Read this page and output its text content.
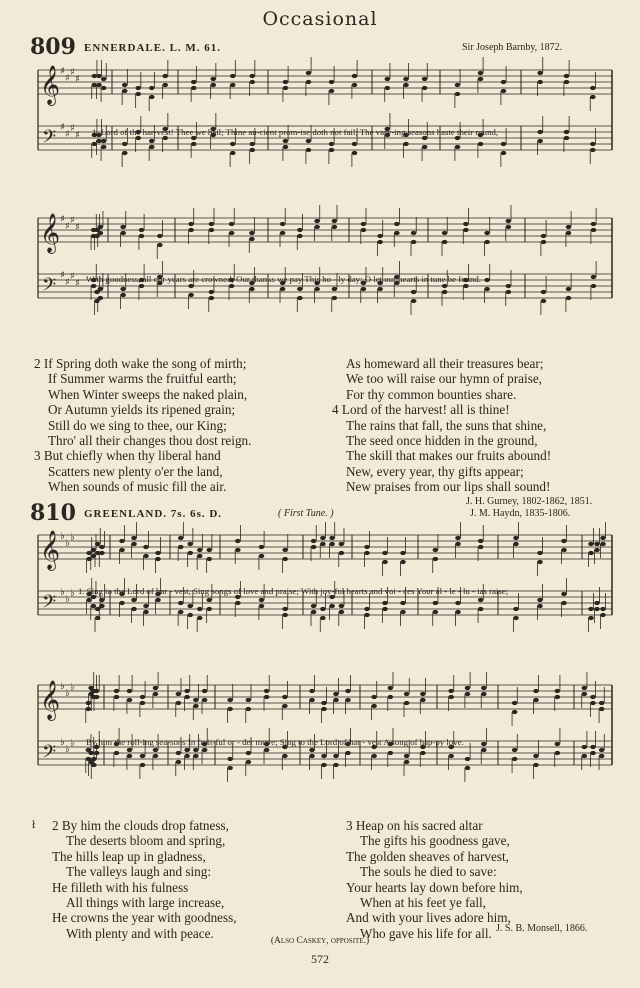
Occasional
809 ENNERDALE. L. M. 61.	Sir Joseph Barnby, 1872.
𝄞
𝄢
♯
♯
♯
♯
♯
♯
♯
♯
𝄞
𝄢
♯
♯
♯
♯
♯
♯
♯
♯
𝄞
𝄢
♭
♭
♭
♭
♭
♭
𝄞
𝄢
♭
♭
♭
♭
♭
♭
1. Lord of the har-vest! Thee we hail; Thine an-cient prom-ise doth not fail; The vary-ing seasons haste their round,
With goodness, all our years are crowned; Our thanks we pay This ho - ly day; O let our hearts in tune be found.
2 If Spring doth wake the song of mirth;
If Summer warms the fruitful earth;
When Winter sweeps the naked plain,
Or Autumn yields its ripened grain;
Still do we sing to thee, our King;
Thro' all their changes thou dost reign.
3 But chiefly when thy liberal hand
Scatters new plenty o'er the land,
When sounds of music fill the air.
As homeward all their treasures bear;
We too will raise our hymn of praise,
For thy common bounties share.
4 Lord of the harvest! all is thine!
The rains that fall, the suns that shine,
The seed once hidden in the ground,
The skill that makes our fruits abound!
New, every year, thy gifts appear;
New praises from our lips shall sound!
J. H. Gurney, 1802-1862, 1851.
810 GREENLAND. 7s. 6s. D.	( First Tune. )	J. M. Haydn, 1835-1806.
1. Sing to the Lord of har - vest, Sing songs of love and praise; With joy-ful hearts and voi - ces Your al - le - lu - ias raise;
By him the roll-ing sea-sons In fruit-ful or - der move; Sing to the Lord of har - vest A song of hap-py love.
ł 2 By him the clouds drop fatness,
The deserts bloom and spring,
The hills leap up in gladness,
The valleys laugh and sing:
He filleth with his fulness
All things with large increase,
He crowns the year with goodness,
With plenty and with peace.
3 Heap on his sacred altar
The gifts his goodness gave,
The golden sheaves of harvest,
The souls he died to save:
Your hearts lay down before him,
When at his feet ye fall,
And with your lives adore him,
Who gave his life for all. J. S. B. Monsell, 1866.
(Also Caskey, opposite.)
572
